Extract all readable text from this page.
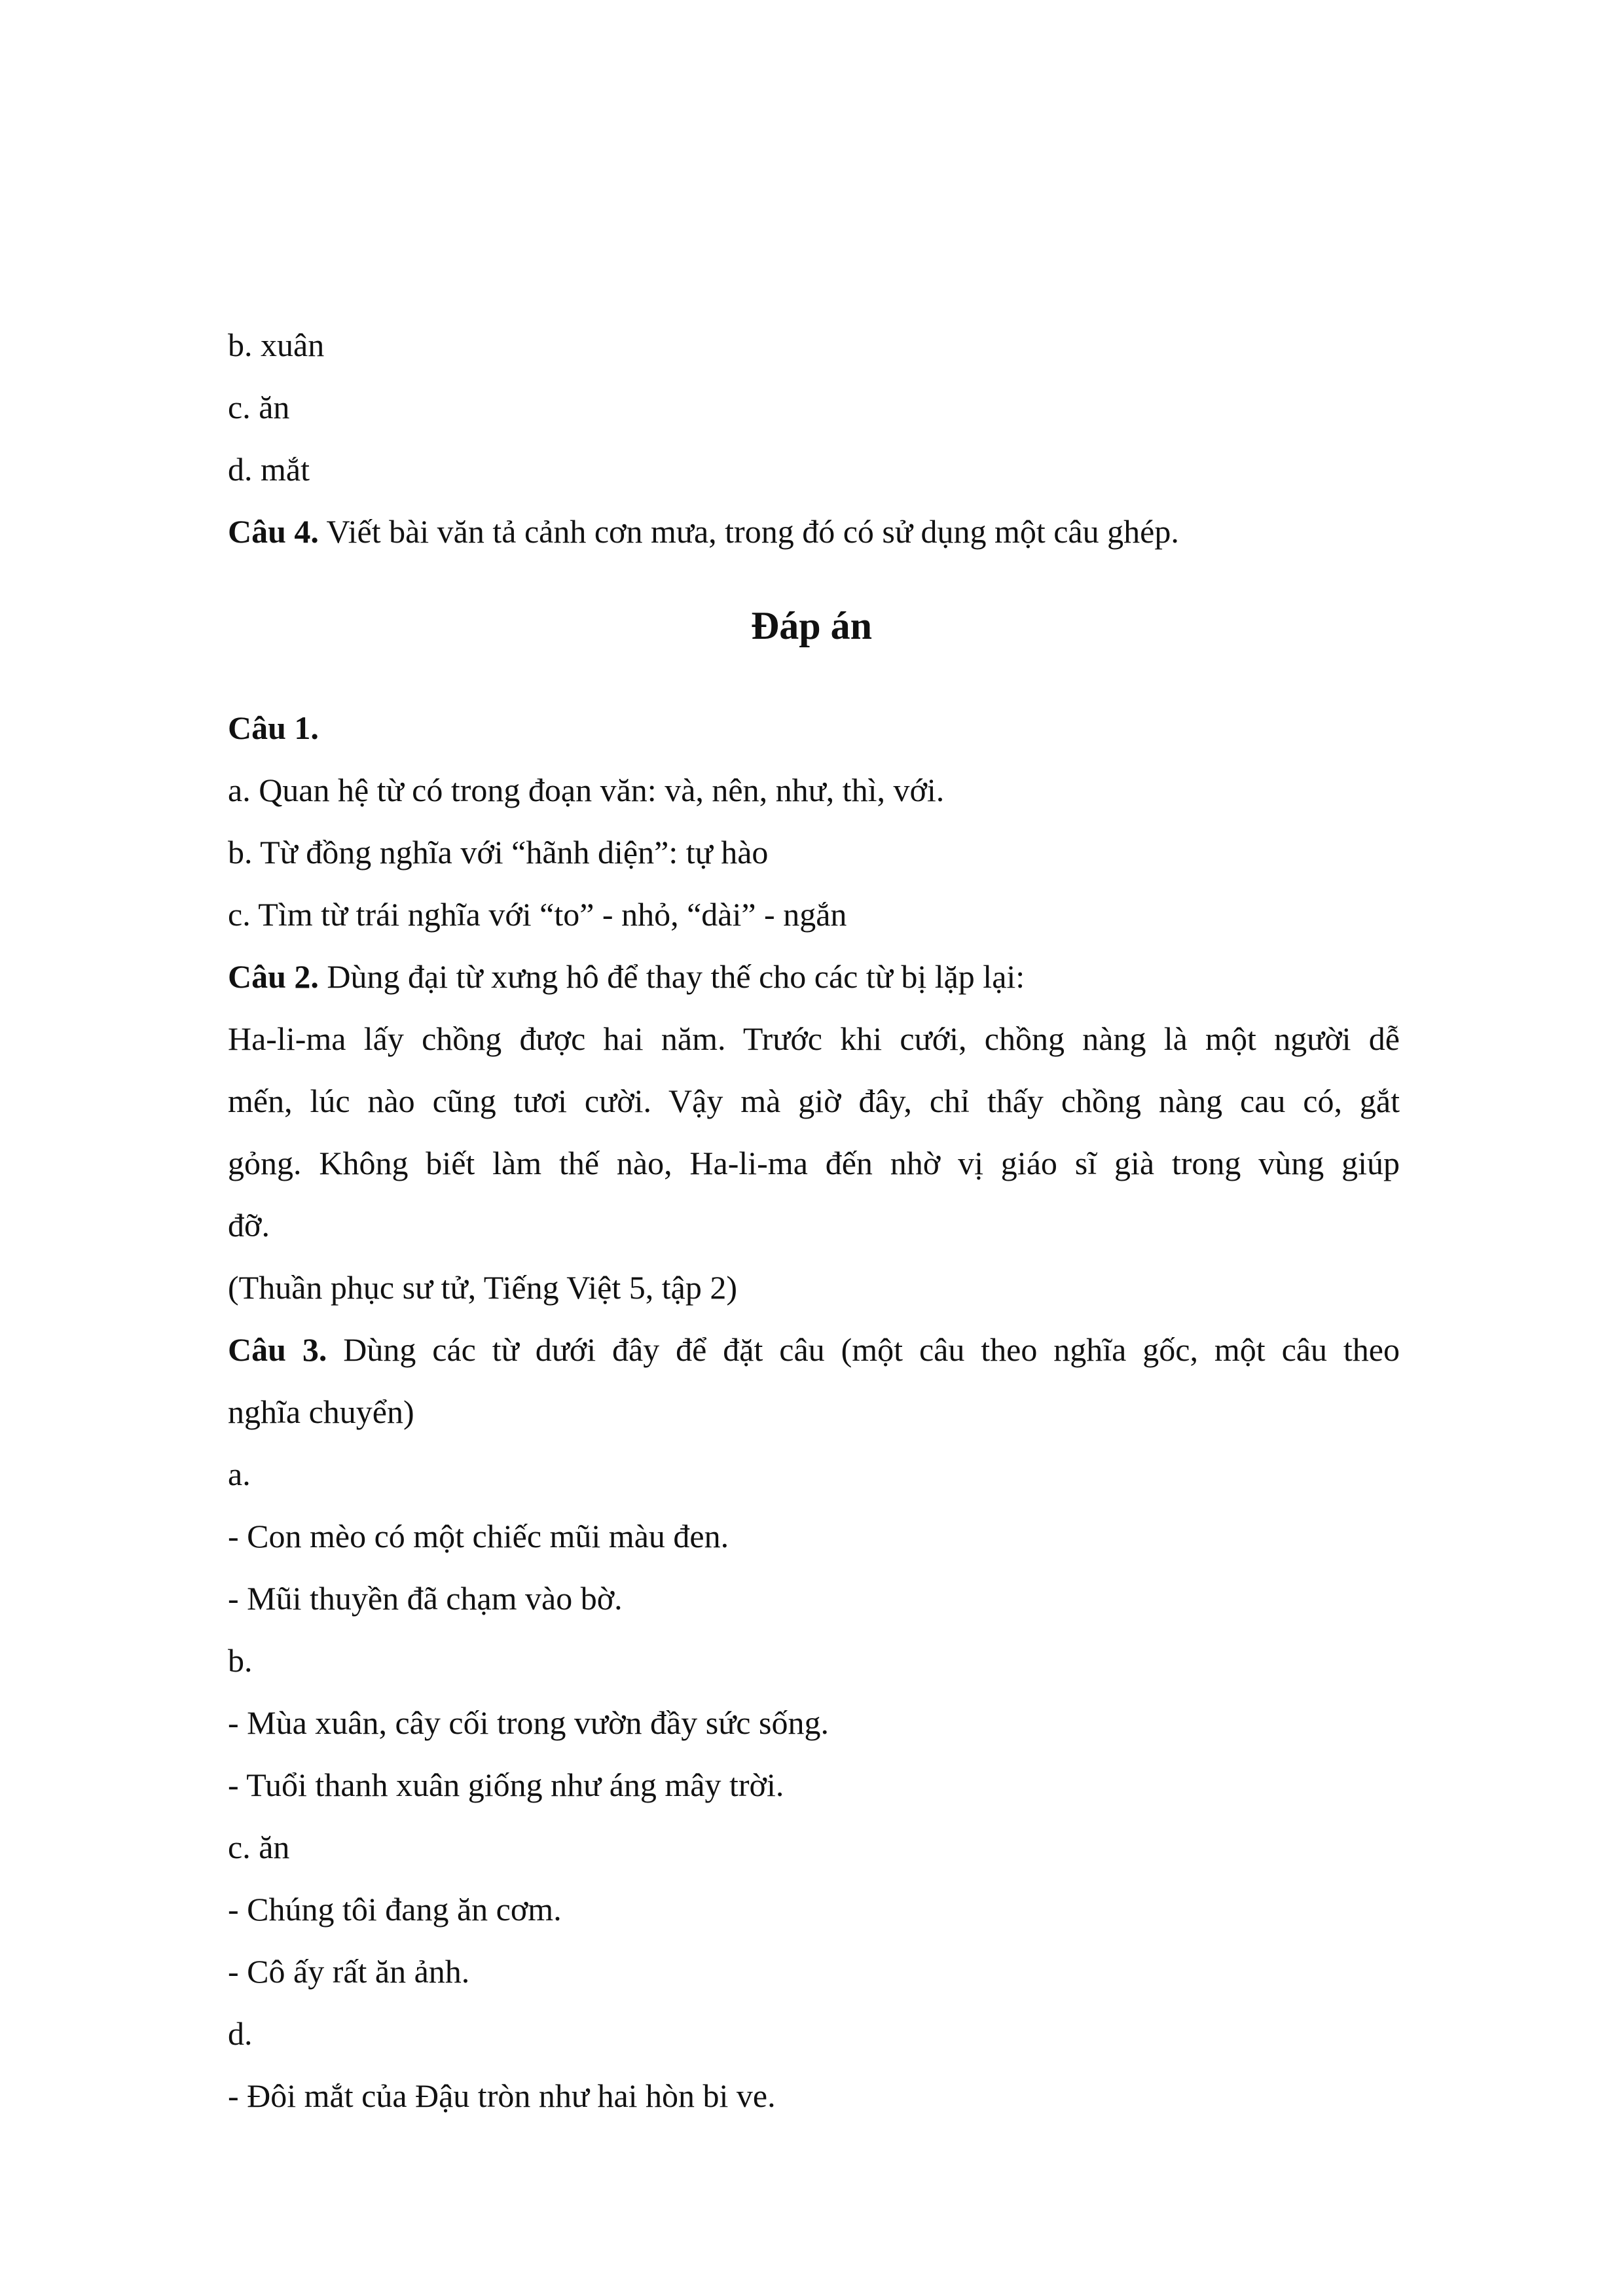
b. xuân
c. ăn
d. mắt
Câu 4. Viết bài văn tả cảnh cơn mưa, trong đó có sử dụng một câu ghép.
Đáp án
Câu 1.
a. Quan hệ từ có trong đoạn văn: và, nên, như, thì, với.
b. Từ đồng nghĩa với “hãnh diện”: tự hào
c. Tìm từ trái nghĩa với “to” - nhỏ, “dài” - ngắn
Câu 2. Dùng đại từ xưng hô để thay thế cho các từ bị lặp lại:
Ha-li-ma lấy chồng được hai năm. Trước khi cưới, chồng nàng là một người dễ
mến, lúc nào cũng tươi cười. Vậy mà giờ đây, chỉ thấy chồng nàng cau có, gắt
gỏng. Không biết làm thế nào, Ha-li-ma đến nhờ vị giáo sĩ già trong vùng giúp
đỡ.
(Thuần phục sư tử, Tiếng Việt 5, tập 2)
Câu 3. Dùng các từ dưới đây để đặt câu (một câu theo nghĩa gốc, một câu theo
nghĩa chuyển)
a.
- Con mèo có một chiếc mũi màu đen.
- Mũi thuyền đã chạm vào bờ.
b.
- Mùa xuân, cây cối trong vườn đầy sức sống.
- Tuổi thanh xuân giống như áng mây trời.
c. ăn
- Chúng tôi đang ăn cơm.
- Cô ấy rất ăn ảnh.
d.
- Đôi mắt của Đậu tròn như hai hòn bi ve.
